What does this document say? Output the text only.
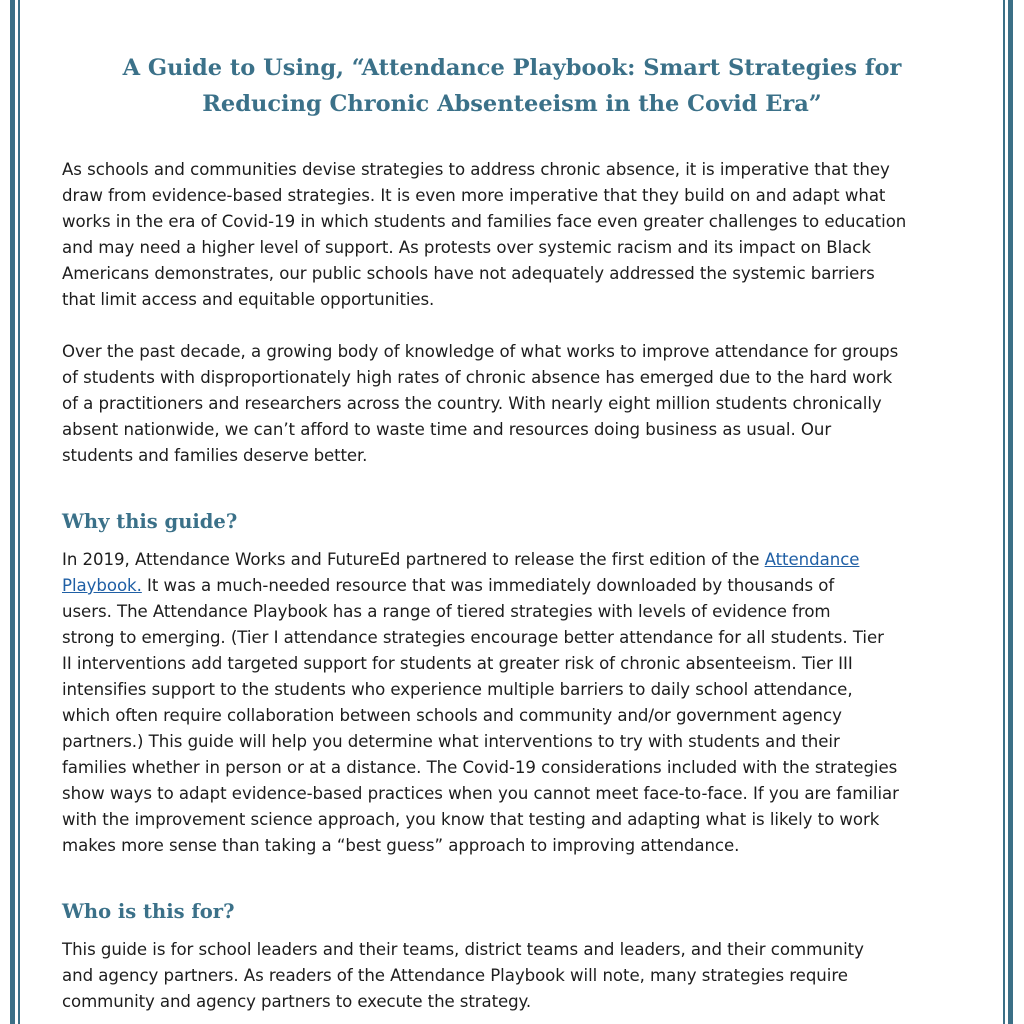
A Guide to Using, “Attendance Playbook: Smart Strategies for
Reducing Chronic Absenteeism in the Covid Era”
As schools and communities devise strategies to address chronic absence, it is imperative that they
draw from evidence-based strategies. It is even more imperative that they build on and adapt what
works in the era of Covid-19 in which students and families face even greater challenges to education
and may need a higher level of support. As protests over systemic racism and its impact on Black
Americans demonstrates, our public schools have not adequately addressed the systemic barriers
that limit access and equitable opportunities.
Over the past decade, a growing body of knowledge of what works to improve attendance for groups
of students with disproportionately high rates of chronic absence has emerged due to the hard work
of a practitioners and researchers across the country. With nearly eight million students chronically
absent nationwide, we can’t afford to waste time and resources doing business as usual. Our
students and families deserve better.
Why this guide?
In 2019, Attendance Works and FutureEd partnered to release the first edition of the Attendance
Playbook. It was a much-needed resource that was immediately downloaded by thousands of
users. The Attendance Playbook has a range of tiered strategies with levels of evidence from
strong to emerging. (Tier I attendance strategies encourage better attendance for all students. Tier
II interventions add targeted support for students at greater risk of chronic absenteeism. Tier III
intensifies support to the students who experience multiple barriers to daily school attendance,
which often require collaboration between schools and community and/or government agency
partners.) This guide will help you determine what interventions to try with students and their
families whether in person or at a distance. The Covid-19 considerations included with the strategies
show ways to adapt evidence-based practices when you cannot meet face-to-face. If you are familiar
with the improvement science approach, you know that testing and adapting what is likely to work
makes more sense than taking a “best guess” approach to improving attendance.
Who is this for?
This guide is for school leaders and their teams, district teams and leaders, and their community
and agency partners. As readers of the Attendance Playbook will note, many strategies require
community and agency partners to execute the strategy.
